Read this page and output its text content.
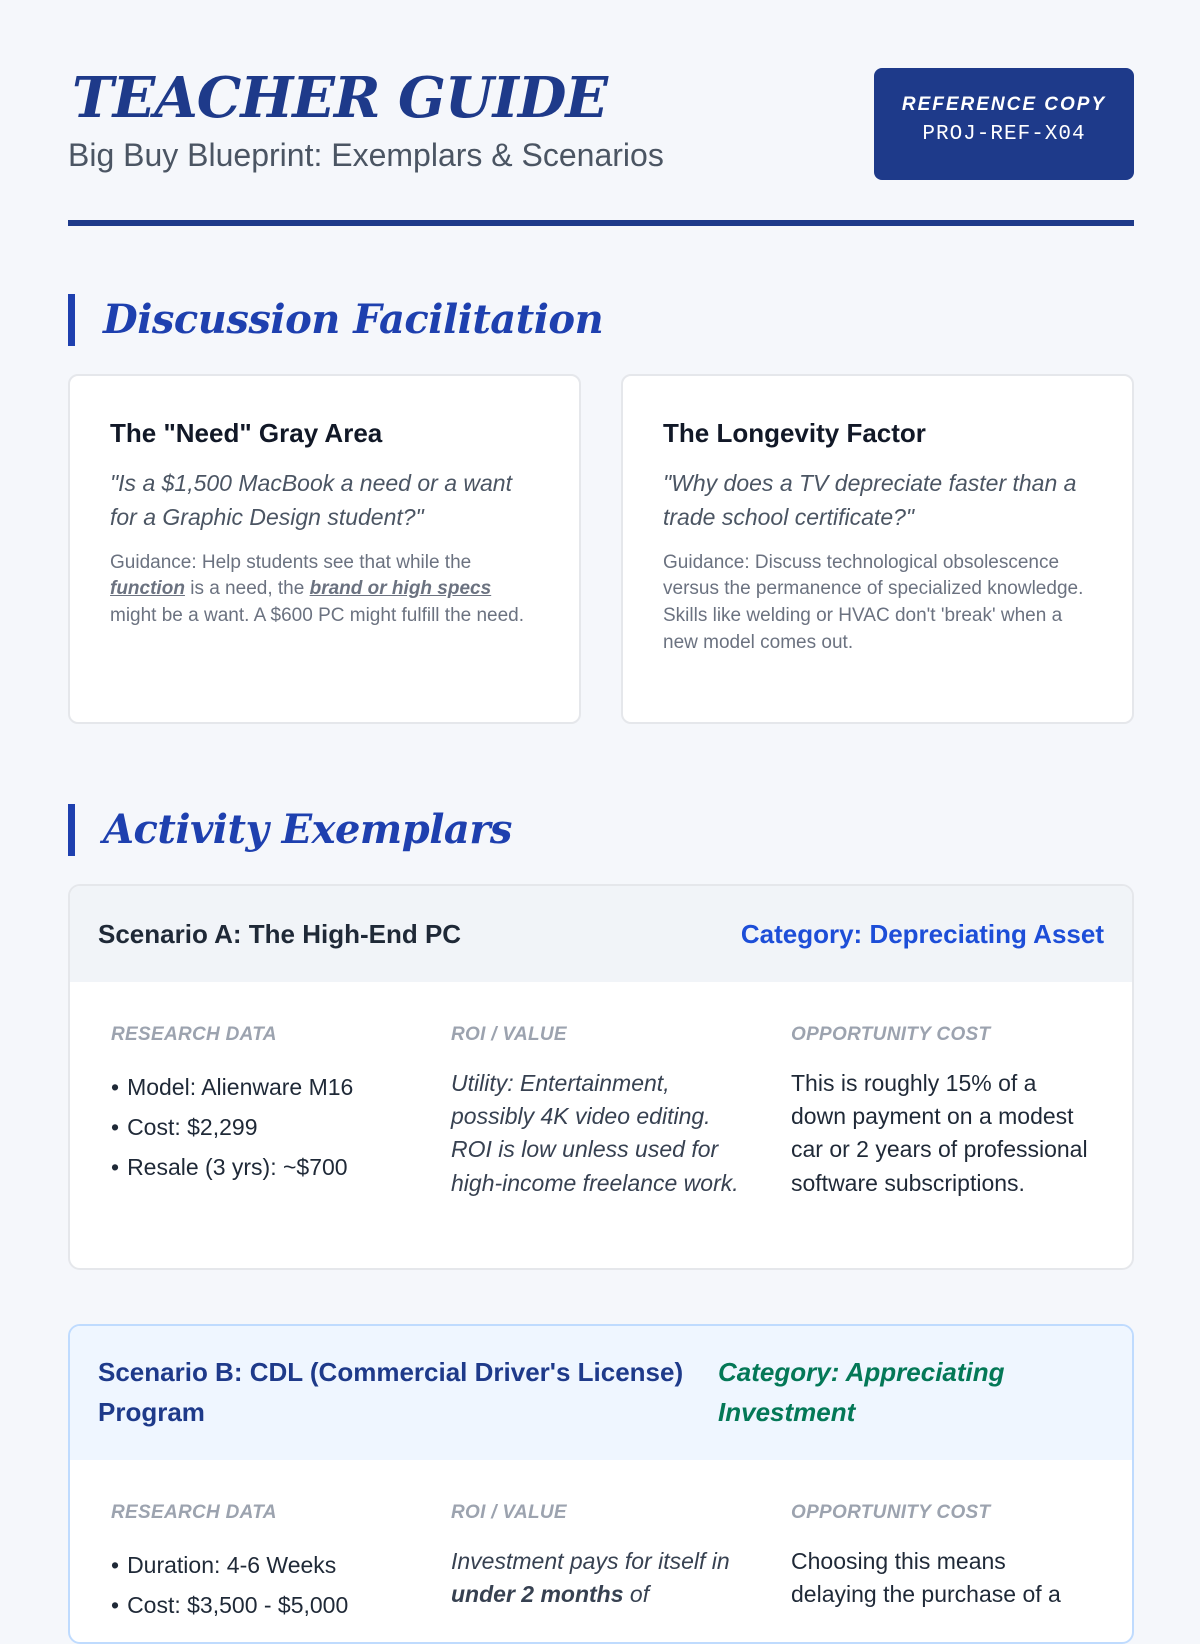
TEACHER GUIDE

Big Buy Blueprint: Exemplars & Scenarios

REFERENCE COPY
PROJ-REF-X04
Discussion Facilitation
The "Need" Gray Area

"Is a $1,500 MacBook a need or a want for a Graphic Design student?"

Guidance: Help students see that while the function is a need, the brand or high specs might be a want. A $600 PC might fulfill the need.

The Longevity Factor

"Why does a TV depreciate faster than a trade school certificate?"

Guidance: Discuss technological obsolescence versus the permanence of specialized knowledge. Skills like welding or HVAC don't 'break' when a new model comes out.

Activity Exemplars
Scenario A: The High-End PC	Category: Depreciating Asset

RESEARCH DATA

• Model: Alienware M16
• Cost: $2,299
• Resale (3 yrs): ~$700

ROI / VALUE

Utility: Entertainment, possibly 4K video editing. ROI is low unless used for high-income freelance work.

OPPORTUNITY COST

This is roughly 15% of a down payment on a modest car or 2 years of professional software subscriptions.

Scenario B: CDL (Commercial Driver's License)
Program
Category: Appreciating
Investment

RESEARCH DATA

• Duration: 4-6 Weeks
• Cost: $3,500 - $5,000

ROI / VALUE

Investment pays for itself in under 2 months of

OPPORTUNITY COST

Choosing this means delaying the purchase of a
